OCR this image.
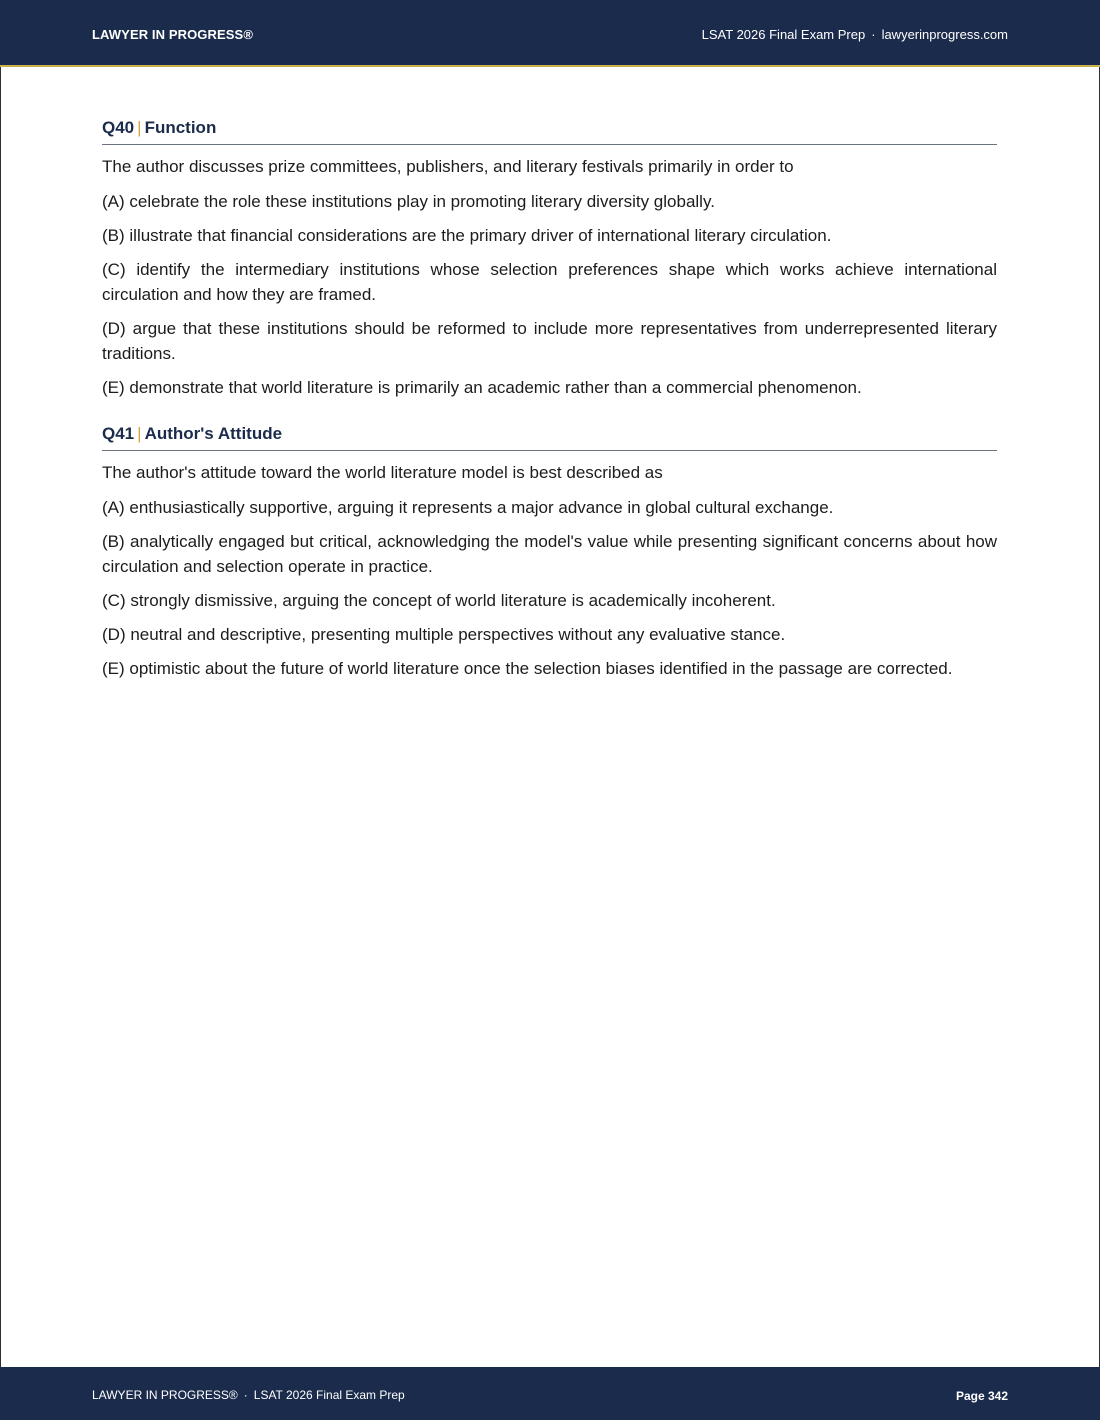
LAWYER IN PROGRESS®	LSAT 2026 Final Exam Prep · lawyerinprogress.com
Q40 | Function
The author discusses prize committees, publishers, and literary festivals primarily in order to
(A) celebrate the role these institutions play in promoting literary diversity globally.
(B) illustrate that financial considerations are the primary driver of international literary circulation.
(C) identify the intermediary institutions whose selection preferences shape which works achieve international circulation and how they are framed.
(D) argue that these institutions should be reformed to include more representatives from underrepresented literary traditions.
(E) demonstrate that world literature is primarily an academic rather than a commercial phenomenon.
Q41 | Author's Attitude
The author's attitude toward the world literature model is best described as
(A) enthusiastically supportive, arguing it represents a major advance in global cultural exchange.
(B) analytically engaged but critical, acknowledging the model's value while presenting significant concerns about how circulation and selection operate in practice.
(C) strongly dismissive, arguing the concept of world literature is academically incoherent.
(D) neutral and descriptive, presenting multiple perspectives without any evaluative stance.
(E) optimistic about the future of world literature once the selection biases identified in the passage are corrected.
LAWYER IN PROGRESS® · LSAT 2026 Final Exam Prep	Page 342
